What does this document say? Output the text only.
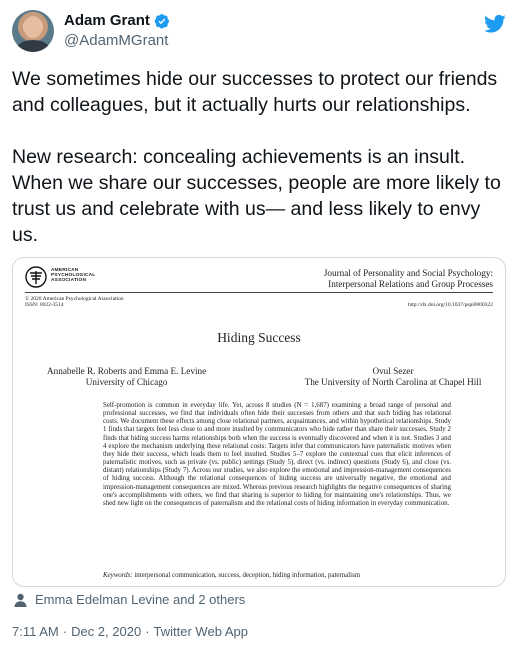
Adam Grant
@AdamMGrant

We sometimes hide our successes to protect our friends and colleagues, but it actually hurts our relationships.

New research: concealing achievements is an insult. When we share our successes, people are more likely to trust us and celebrate with us— and less likely to envy us.

AMERICAN
PSYCHOLOGICAL
ASSOCIATION
Journal of Personality and Social Psychology:
Interpersonal Relations and Group Processes
© 2020 American Psychological Association
ISSN: 0022-3514	http://dx.doi.org/10.1037/pspi0000322
Hiding Success
Annabelle R. Roberts and Emma E. Levine
University of Chicago
Ovul Sezer
The University of North Carolina at Chapel Hill
Self-promotion is common in everyday life. Yet, across 8 studies (N = 1,687) examining a broad range of personal and professional successes, we find that individuals often hide their successes from others and that such hiding has relational costs. We document these effects among close relational partners, acquaintances, and within hypothetical relationships. Study 1 finds that targets feel less close to and more insulted by communicators who hide rather than share their successes. Study 2 finds that hiding success harms relationships both when the success is eventually discovered and when it is not. Studies 3 and 4 explore the mechanism underlying these relational costs: Targets infer that communicators have paternalistic motives when they hide their success, which leads them to feel insulted. Studies 5–7 explore the contextual cues that elicit inferences of paternalistic motives, such as private (vs. public) settings (Study 5), direct (vs. indirect) questions (Study 6), and close (vs. distant) relationships (Study 7). Across our studies, we also explore the emotional and impression-management consequences of hiding success. Although the relational consequences of hiding success are universally negative, the emotional and impression-management consequences are mixed. Whereas previous research highlights the negative consequences of sharing one's accomplishments with others, we find that sharing is superior to hiding for maintaining one's relationships. Thus, we shed new light on the consequences of paternalism and the relational costs of hiding information in everyday communication.
Keywords: interpersonal communication, success, deception, hiding information, paternalism
Emma Edelman Levine and 2 others
7:11 AM · Dec 2, 2020 · Twitter Web App
